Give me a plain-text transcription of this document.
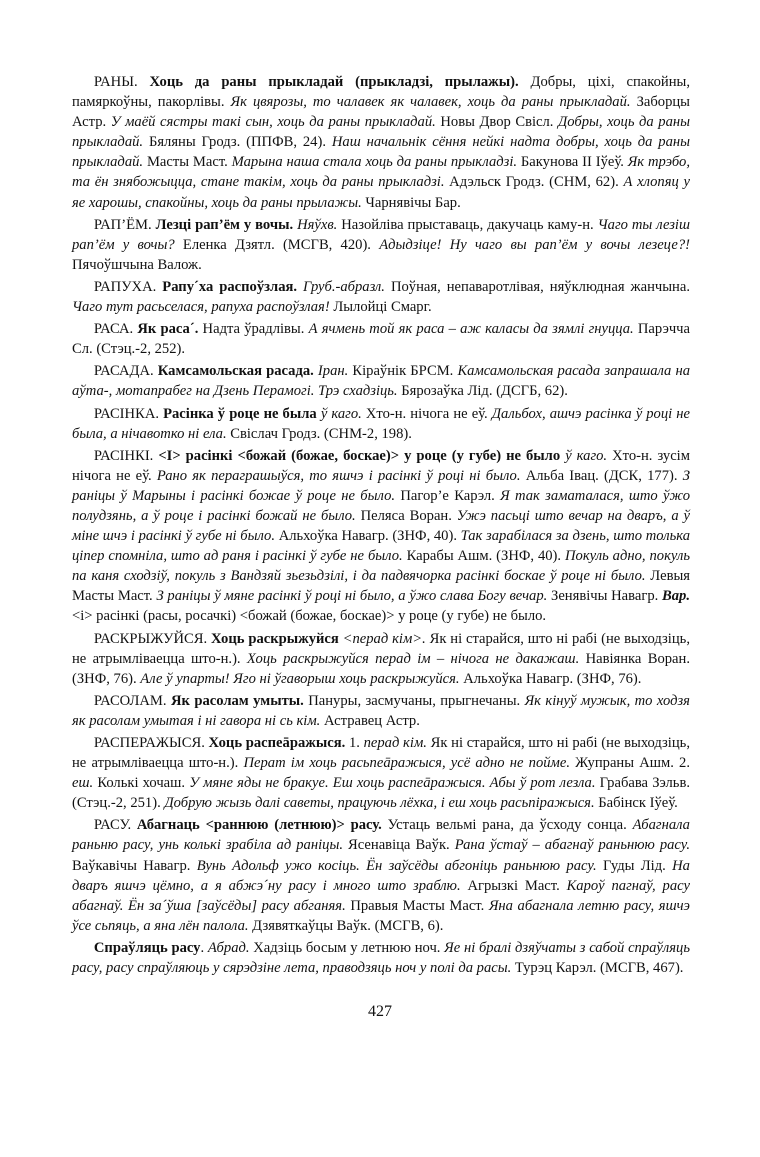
РАНЫ. Хоць да раны прыкладай (прыкладзі, прылажы). Добры, ціхі, спакойны, памяркоўны, пакорлівы. Як цвярозы, то чалавек як чалавек, хоць да раны прыкладай. Заборцы Астр. У маёй сястры такі сын, хоць да раны прыкладай. Новы Двор Свісл. Добры, хоць да раны прыкладай. Бяляны Гродз. (ППФВ, 24). Наш начальнік сёння нейкі надта добры, хоць да раны прыкладай. Масты Маст. Марына наша стала хоць да раны прыкладзі. Бакунова II Іўеў. Як трэбо, та ён знябожыцца, стане такім, хоць да раны прыкладзі. Адэльск Гродз. (СНМ, 62). А хлопяц у яе харошы, спакойны, хоць да раны прылажы. Чарнявічы Бар.

РАП’ЁМ. Лезці рап’ём у вочы. Няўхв. Назойліва прыставаць, дакучаць каму-н. Чаго ты лезіш рап’ём у вочы? Еленка Дзятл. (МСГВ, 420). Адыдзіце! Ну чаго вы рап’ём у вочы лезеце?! Пячоўшчына Валож.

РАПУХА. Рапу´ха распоўзлая. Груб.-абразл. Поўная, непаваротлівая, няўклюдная жанчына. Чаго тут расьселася, рапуха распоўзлая! Лылойці Смарг.

РАСА. Як раса´. Надта ўрадлівы. А ячмень той як раса – аж каласы да зямлі гнуцца. Парэчча Сл. (Стэц.-2, 252).

РАСАДА. Камсамольская расада. Іран. Кіраўнік БРСМ. Камсамольская расада запрашала на аўта-, мотапрабег на Дзень Перамогі. Трэ схадзіць. Бярозаўка Лід. (ДСГБ, 62).

РАСІНКА. Расінка ў роце не была ў каго. Хто-н. нічога не еў. Дальбох, ашчэ расінка ў році не была, а нічавотко ні ела. Свіслач Гродз. (СНМ-2, 198).

РАСІНКІ. <І> расінкі <божай (божае, боскае)> у роце (у губе) не было ў каго. Хто-н. зусім нічога не еў. Рано як пераграшыўся, то яшчэ і расінкі ў році ні было. Альба Івац. (ДСК, 177). З раніцы ў Марыны і расінкі божае ў роце не было. Пагор’е Карэл. Я так заматалася, што ўжо полудзянь, а ў роце і расінкі божай не было. Пеляса Воран. Ужэ пасьці што вечар на дваръ, а ў міне шчэ і расінкі ў губе ні было. Альхоўка Навагр. (ЗНФ, 40). Так зарабілася за дзень, што толька ціпер спомніла, што ад раня і расінкі ў губе не было. Карабы Ашм. (ЗНФ, 40). Покуль адно, покуль па каня сходзіў, покуль з Вандзяй зьезьдзілі, і да падвячорка расінкі боскае ў роце ні было. Левыя Масты Маст. З раніцы ў мяне расінкі ў році ні было, а ўжо слава Богу вечар. Зенявічы Навагр. Вар. <і> расінкі (расы, росачкі) <божай (божае, боскае)> у роце (у губе) не было.

РАСКРЫЖУЙСЯ. Хоць раскрыжуйся <перад кім>. Як ні старайся, што ні рабі (не выходзіць, не атрымліваецца што-н.). Хоць раскрыжуйся перад ім – нічога не дакажаш. Навіянка Воран. (ЗНФ, 76). Але ў упарты! Яго ні ўгаворыш хоць раскрыжуйся. Альхоўка Навагр. (ЗНФ, 76).

РАСОЛАМ. Як расолам умыты. Пануры, засмучаны, прыгнечаны. Як кінуў мужык, то ходзя як расолам умытая і ні гавора ні сь кім. Астравец Астр.

РАСПЕРАЖЫСЯ. Хоць распеāражыся. 1. перад кім. Як ні старайся, што ні рабі (не выходзіць, не атрымліваецца што-н.). Перат ім хоць расьпеāражыся, усё адно не пойме. Жупраны Ашм. 2. еш. Колькі хочаш. У мяне яды не бракуе. Еш хоць распеāражыся. Абы ў рот лезла. Грабава Зэльв. (Стэц.-2, 251). Добрую жызь далі саветы, працуючь лёхка, і еш хоць расьпіражыся. Бабінск Іўеў.

РАСУ. Абагнаць <раннюю (летнюю)> расу. Устаць вельмі рана, да ўсходу сонца. Абагнала раньню расу, унь колькі зрабіла ад раніцы. Ясенавіца Ваўк. Рана ўстаў – абагнаў раньнюю расу. Ваўкавічы Навагр. Вунь Адольф ужо косіць. Ён заўсёды абгоніць раньнюю расу. Гуды Лід. На дваръ яшчэ цёмно, а я абжэ´ну расу і много што зраблю. Агрызкі Маст. Кароў пагнаў, расу абагнаў. Ён за´ўша [заўсёды] расу абганяя. Правыя Масты Маст. Яна абагнала летню расу, яшчэ ўсе сьпяць, а яна лён палола. Дзявяткаўцы Ваўк. (МСГВ, 6).

Спраўляць расу. Абрад. Хадзіць босым у летнюю ноч. Яе ні бралі дзяўчаты з сабой спраўляць расу, расу спраўляюць у сярэдзіне лета, праводзяць ноч у полі да расы. Турэц Карэл. (МСГВ, 467).

427
